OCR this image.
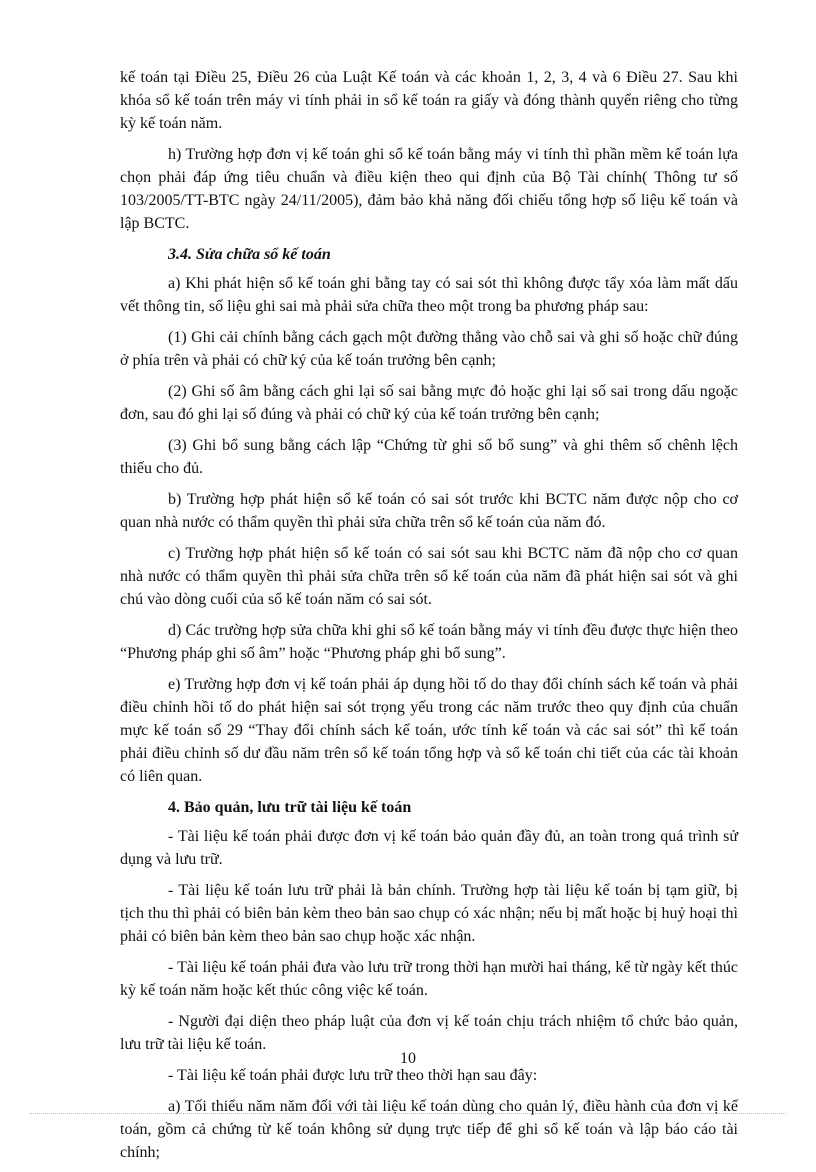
kế toán tại Điều 25, Điều 26 của Luật Kế toán và các khoản 1, 2, 3, 4 và 6 Điều 27. Sau khi khóa sổ kế toán trên máy vi tính phải in sổ kế toán ra giấy và đóng thành quyển riêng cho từng kỳ kế toán năm.

h) Trường hợp đơn vị kế toán ghi sổ kế toán bằng máy vi tính thì phần mềm kế toán lựa chọn phải đáp ứng tiêu chuẩn và điều kiện theo qui định của Bộ Tài chính( Thông tư số 103/2005/TT-BTC ngày 24/11/2005), đảm bảo khả năng đối chiếu tổng hợp số liệu kế toán và lập BCTC.

3.4. Sửa chữa sổ kế toán

a) Khi phát hiện sổ kế toán ghi bằng tay có sai sót thì không được tẩy xóa làm mất dấu vết thông tin, số liệu ghi sai mà phải sửa chữa theo một trong ba phương pháp sau:

(1) Ghi cải chính bằng cách gạch một đường thẳng vào chỗ sai và ghi số hoặc chữ đúng ở phía trên và phải có chữ ký của kế toán trưởng bên cạnh;

(2) Ghi số âm bằng cách ghi lại số sai bằng mực đỏ hoặc ghi lại số sai trong dấu ngoặc đơn, sau đó ghi lại số đúng và phải có chữ ký của kế toán trưởng bên cạnh;

(3) Ghi bổ sung bằng cách lập “Chứng từ ghi sổ bổ sung” và ghi thêm số chênh lệch thiếu cho đủ.

b) Trường hợp phát hiện sổ kế toán có sai sót trước khi BCTC năm được nộp cho cơ quan nhà nước có thẩm quyền thì phải sửa chữa trên sổ kế toán của năm đó.

c) Trường hợp phát hiện sổ kế toán có sai sót sau khi BCTC năm đã nộp cho cơ quan nhà nước có thẩm quyền thì phải sửa chữa trên sổ kế toán của năm đã phát hiện sai sót và ghi chú vào dòng cuối của sổ kế toán năm có sai sót.

d) Các trường hợp sửa chữa khi ghi sổ kế toán bằng máy vi tính đều được thực hiện theo “Phương pháp ghi số âm” hoặc “Phương pháp ghi bổ sung”.

e) Trường hợp đơn vị kế toán phải áp dụng hồi tố do thay đổi chính sách kế toán và phải điều chỉnh hồi tố do phát hiện sai sót trọng yếu trong các năm trước theo quy định của chuẩn mực kế toán số 29 “Thay đổi chính sách kế toán, ước tính kế toán và các sai sót” thì kế toán phải điều chỉnh số dư đầu năm trên sổ kế toán tổng hợp và sổ kế toán chi tiết của các tài khoản có liên quan.

4. Bảo quản, lưu trữ tài liệu kế toán

- Tài liệu kế toán phải được đơn vị kế toán bảo quản đầy đủ, an toàn trong quá trình sử dụng và lưu trữ.

- Tài liệu kế toán lưu trữ phải là bản chính. Trường hợp tài liệu kế toán bị tạm giữ, bị tịch thu thì phải có biên bản kèm theo bản sao chụp có xác nhận; nếu bị mất hoặc bị huỷ hoại thì phải có biên bản kèm theo bản sao chụp hoặc xác nhận.

- Tài liệu kế toán phải đưa vào lưu trữ trong thời hạn mười hai tháng, kể từ ngày kết thúc kỳ kế toán năm hoặc kết thúc công việc kế toán.

- Người đại diện theo pháp luật của đơn vị kế toán chịu trách nhiệm tổ chức bảo quản, lưu trữ tài liệu kế toán.

- Tài liệu kế toán phải được lưu trữ theo thời hạn sau đây:

a) Tối thiểu năm năm đối với tài liệu kế toán dùng cho quản lý, điều hành của đơn vị kế toán, gồm cả chứng từ kế toán không sử dụng trực tiếp để ghi sổ kế toán và lập báo cáo tài chính;

10
